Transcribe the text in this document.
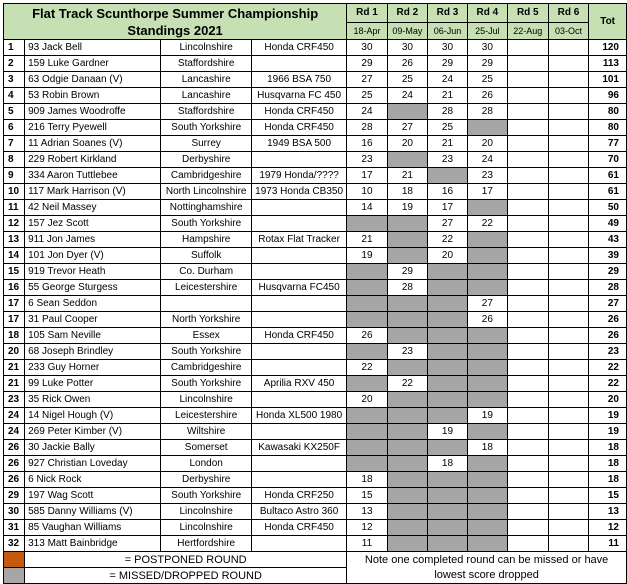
Flat Track Scunthorpe Summer Championship Standings 2021				Rd 1	Rd 2	Rd 3	Rd 4	Rd 5	Rd 6	Tot
				18-Apr	09-May	06-Jun	25-Jul	22-Aug	03-Oct	
1	93 Jack Bell	Lincolnshire	Honda CRF450	30	30	30	30			120
2	159 Luke Gardner	Staffordshire		29	26	29	29			113
3	63 Odgie Danaan (V)	Lancashire	1966 BSA 750	27	25	24	25			101
4	53 Robin Brown	Lancashire	Husqvarna FC 450	25	24	21	26			96
5	909 James Woodroffe	Staffordshire	Honda CRF450	24		28	28			80
6	216 Terry Pyewell	South Yorkshire	Honda CRF450	28	27	25				80
7	11 Adrian Soanes (V)	Surrey	1949 BSA 500	16	20	21	20			77
8	229 Robert Kirkland	Derbyshire		23		23	24			70
9	334 Aaron Tuttlebee	Cambridgeshire	1979 Honda/????	17	21		23			61
10	117 Mark Harrison (V)	North Lincolnshire	1973 Honda CB350	10	18	16	17			61
11	42 Neil Massey	Nottinghamshire		14	19	17				50
12	157 Jez Scott	South Yorkshire				27	22			49
13	911 Jon James	Hampshire	Rotax Flat Tracker	21		22				43
14	101 Jon Dyer (V)	Suffolk		19		20				39
15	919 Trevor Heath	Co. Durham			29					29
16	55 George Sturgess	Leicestershire	Husqvarna FC450		28					28
17	6 Sean Seddon						27			27
17	31 Paul Cooper	North Yorkshire					26			26
18	105 Sam Neville	Essex	Honda CRF450	26						26
20	68 Joseph Brindley	South Yorkshire			23					23
21	233 Guy Horner	Cambridgeshire		22						22
21	99 Luke Potter	South Yorkshire	Aprilia RXV 450		22					22
23	35 Rick Owen	Lincolnshire		20						20
24	14 Nigel Hough (V)	Leicestershire	Honda XL500 1980				19			19
24	269 Peter Kimber (V)	Wiltshire				19				19
26	30 Jackie Bally	Somerset	Kawasaki KX250F				18			18
26	927 Christian Loveday	London				18				18
26	6 Nick Rock	Derbyshire		18						18
29	197 Wag Scott	South Yorkshire	Honda CRF250	15						15
30	585 Danny Williams (V)	Lincolnshire	Bultaco Astro 360	13						13
31	85 Vaughan Williams	Lincolnshire	Honda CRF450	12						12
32	313 Matt Bainbridge	Hertfordshire		11						11
	= POSTPONED ROUND			Note one completed round can be missed or have lowest score dropped						
	= MISSED/DROPPED ROUND									
